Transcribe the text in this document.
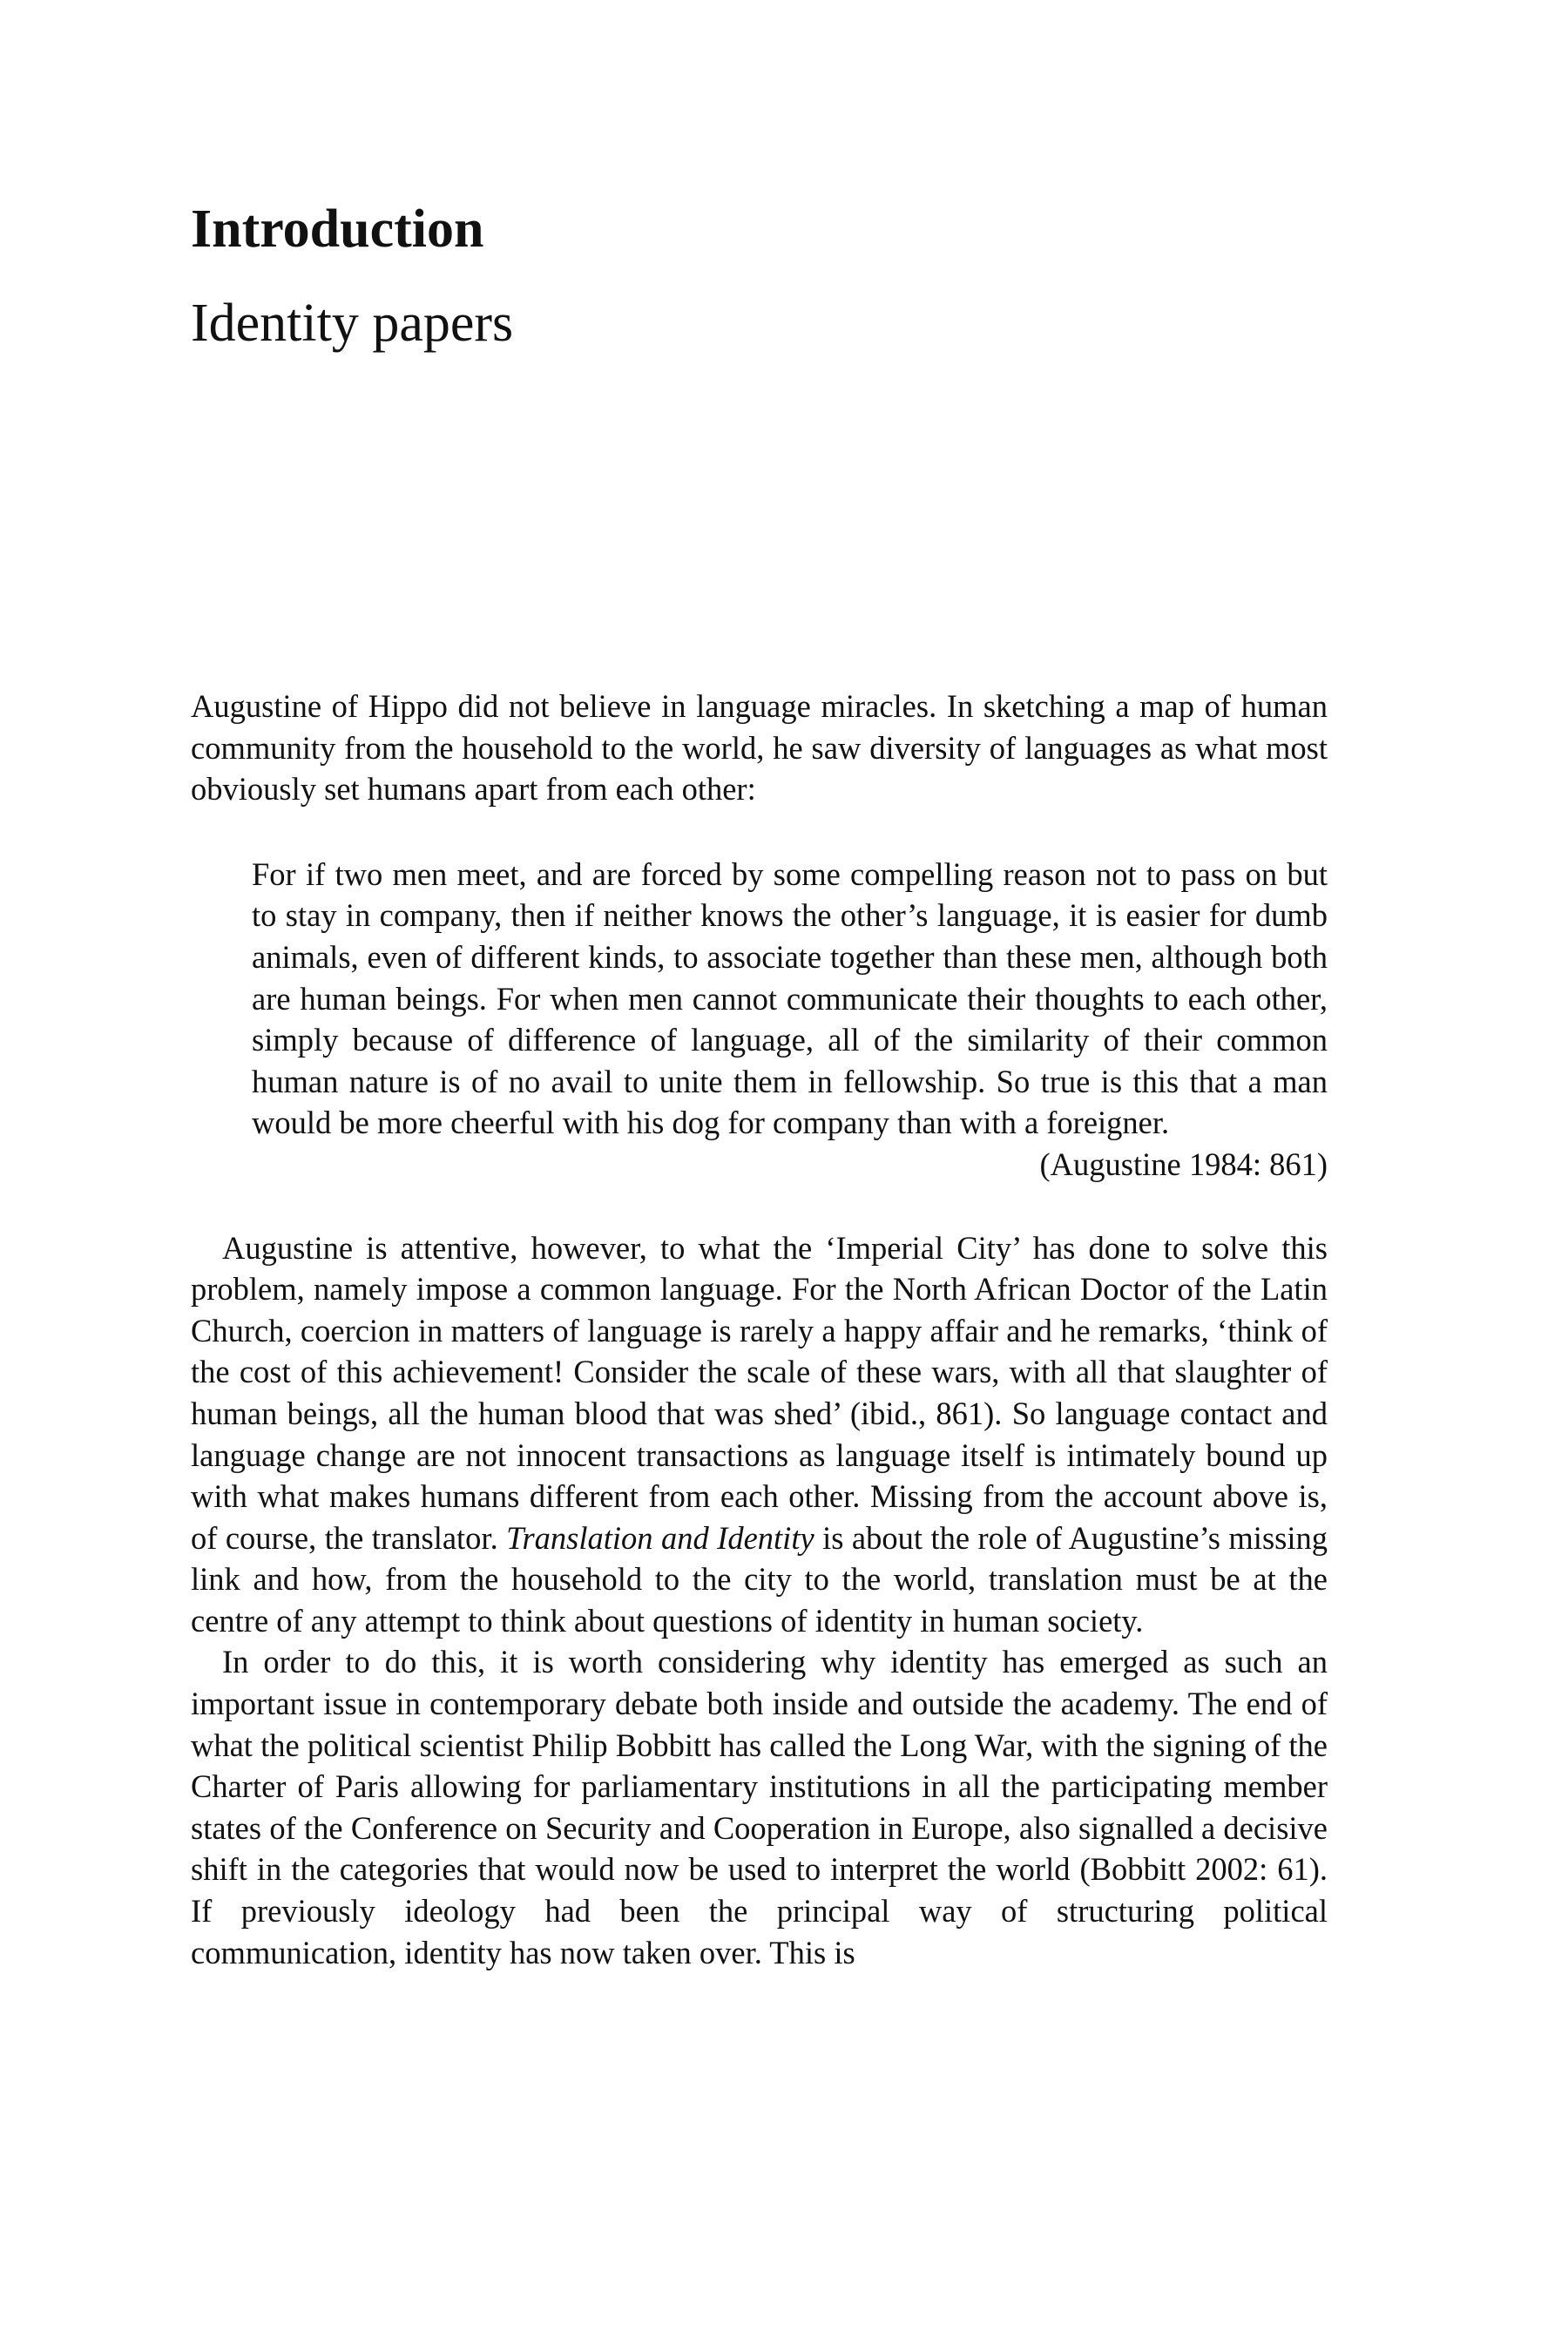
Introduction
Identity papers

Augustine of Hippo did not believe in language miracles. In sketching a map of human community from the household to the world, he saw diversity of languages as what most obviously set humans apart from each other:

For if two men meet, and are forced by some compelling reason not to pass on but to stay in company, then if neither knows the other’s language, it is easier for dumb animals, even of different kinds, to associate together than these men, although both are human beings. For when men cannot communicate their thoughts to each other, simply because of difference of language, all of the similarity of their common human nature is of no avail to unite them in fellowship. So true is this that a man would be more cheerful with his dog for company than with a foreigner.

(Augustine 1984: 861)

Augustine is attentive, however, to what the ‘Imperial City’ has done to solve this problem, namely impose a common language. For the North African Doctor of the Latin Church, coercion in matters of language is rarely a happy affair and he remarks, ‘think of the cost of this achievement! Consider the scale of these wars, with all that slaughter of human beings, all the human blood that was shed’ (ibid., 861). So language contact and language change are not innocent transactions as language itself is intimately bound up with what makes humans different from each other. Missing from the account above is, of course, the translator. Translation and Identity is about the role of Augustine’s missing link and how, from the household to the city to the world, translation must be at the centre of any attempt to think about questions of identity in human society.

In order to do this, it is worth considering why identity has emerged as such an important issue in contemporary debate both inside and outside the academy. The end of what the political scientist Philip Bobbitt has called the Long War, with the signing of the Charter of Paris allowing for parliamentary institutions in all the participating member states of the Conference on Security and Cooperation in Europe, also signalled a decisive shift in the categories that would now be used to interpret the world (Bobbitt 2002: 61). If previously ideology had been the principal way of structuring political communication, identity has now taken over. This is
